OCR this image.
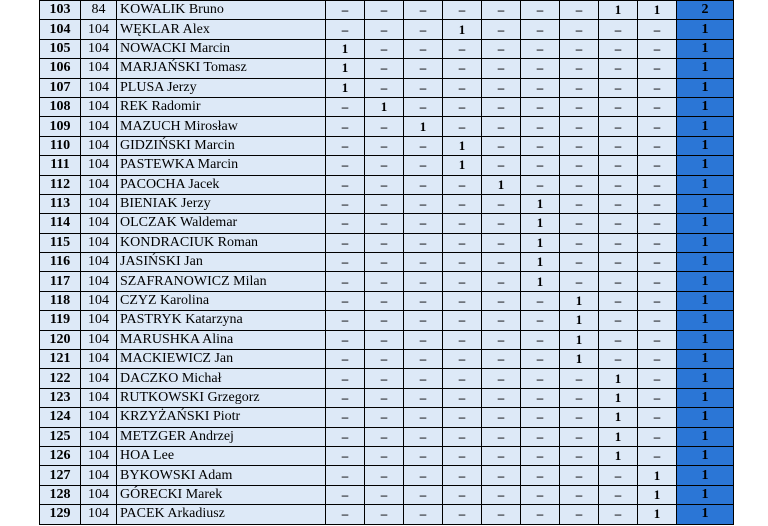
103	84	KOWALIK Bruno	–	–	–	–	–	–	–	1	1	2
104	104	WĘKLAR Alex	–	–	–	1	–	–	–	–	–	1
105	104	NOWACKI Marcin	1	–	–	–	–	–	–	–	–	1
106	104	MARJAŃSKI Tomasz	1	–	–	–	–	–	–	–	–	1
107	104	PLUSA Jerzy	1	–	–	–	–	–	–	–	–	1
108	104	REK Radomir	–	1	–	–	–	–	–	–	–	1
109	104	MAZUCH Mirosław	–	–	1	–	–	–	–	–	–	1
110	104	GIDZIŃSKI Marcin	–	–	–	1	–	–	–	–	–	1
111	104	PASTEWKA Marcin	–	–	–	1	–	–	–	–	–	1
112	104	PACOCHA Jacek	–	–	–	–	1	–	–	–	–	1
113	104	BIENIAK Jerzy	–	–	–	–	–	1	–	–	–	1
114	104	OLCZAK Waldemar	–	–	–	–	–	1	–	–	–	1
115	104	KONDRACIUK Roman	–	–	–	–	–	1	–	–	–	1
116	104	JASIŃSKI Jan	–	–	–	–	–	1	–	–	–	1
117	104	SZAFRANOWICZ Milan	–	–	–	–	–	1	–	–	–	1
118	104	CZYZ Karolina	–	–	–	–	–	–	1	–	–	1
119	104	PASTRYK Katarzyna	–	–	–	–	–	–	1	–	–	1
120	104	MARUSHKA Alina	–	–	–	–	–	–	1	–	–	1
121	104	MACKIEWICZ Jan	–	–	–	–	–	–	1	–	–	1
122	104	DACZKO Michał	–	–	–	–	–	–	–	1	–	1
123	104	RUTKOWSKI Grzegorz	–	–	–	–	–	–	–	1	–	1
124	104	KRZYŻAŃSKI Piotr	–	–	–	–	–	–	–	1	–	1
125	104	METZGER Andrzej	–	–	–	–	–	–	–	1	–	1
126	104	HOA Lee	–	–	–	–	–	–	–	1	–	1
127	104	BYKOWSKI Adam	–	–	–	–	–	–	–	–	1	1
128	104	GÓRECKI Marek	–	–	–	–	–	–	–	–	1	1
129	104	PACEK Arkadiusz	–	–	–	–	–	–	–	–	1	1
